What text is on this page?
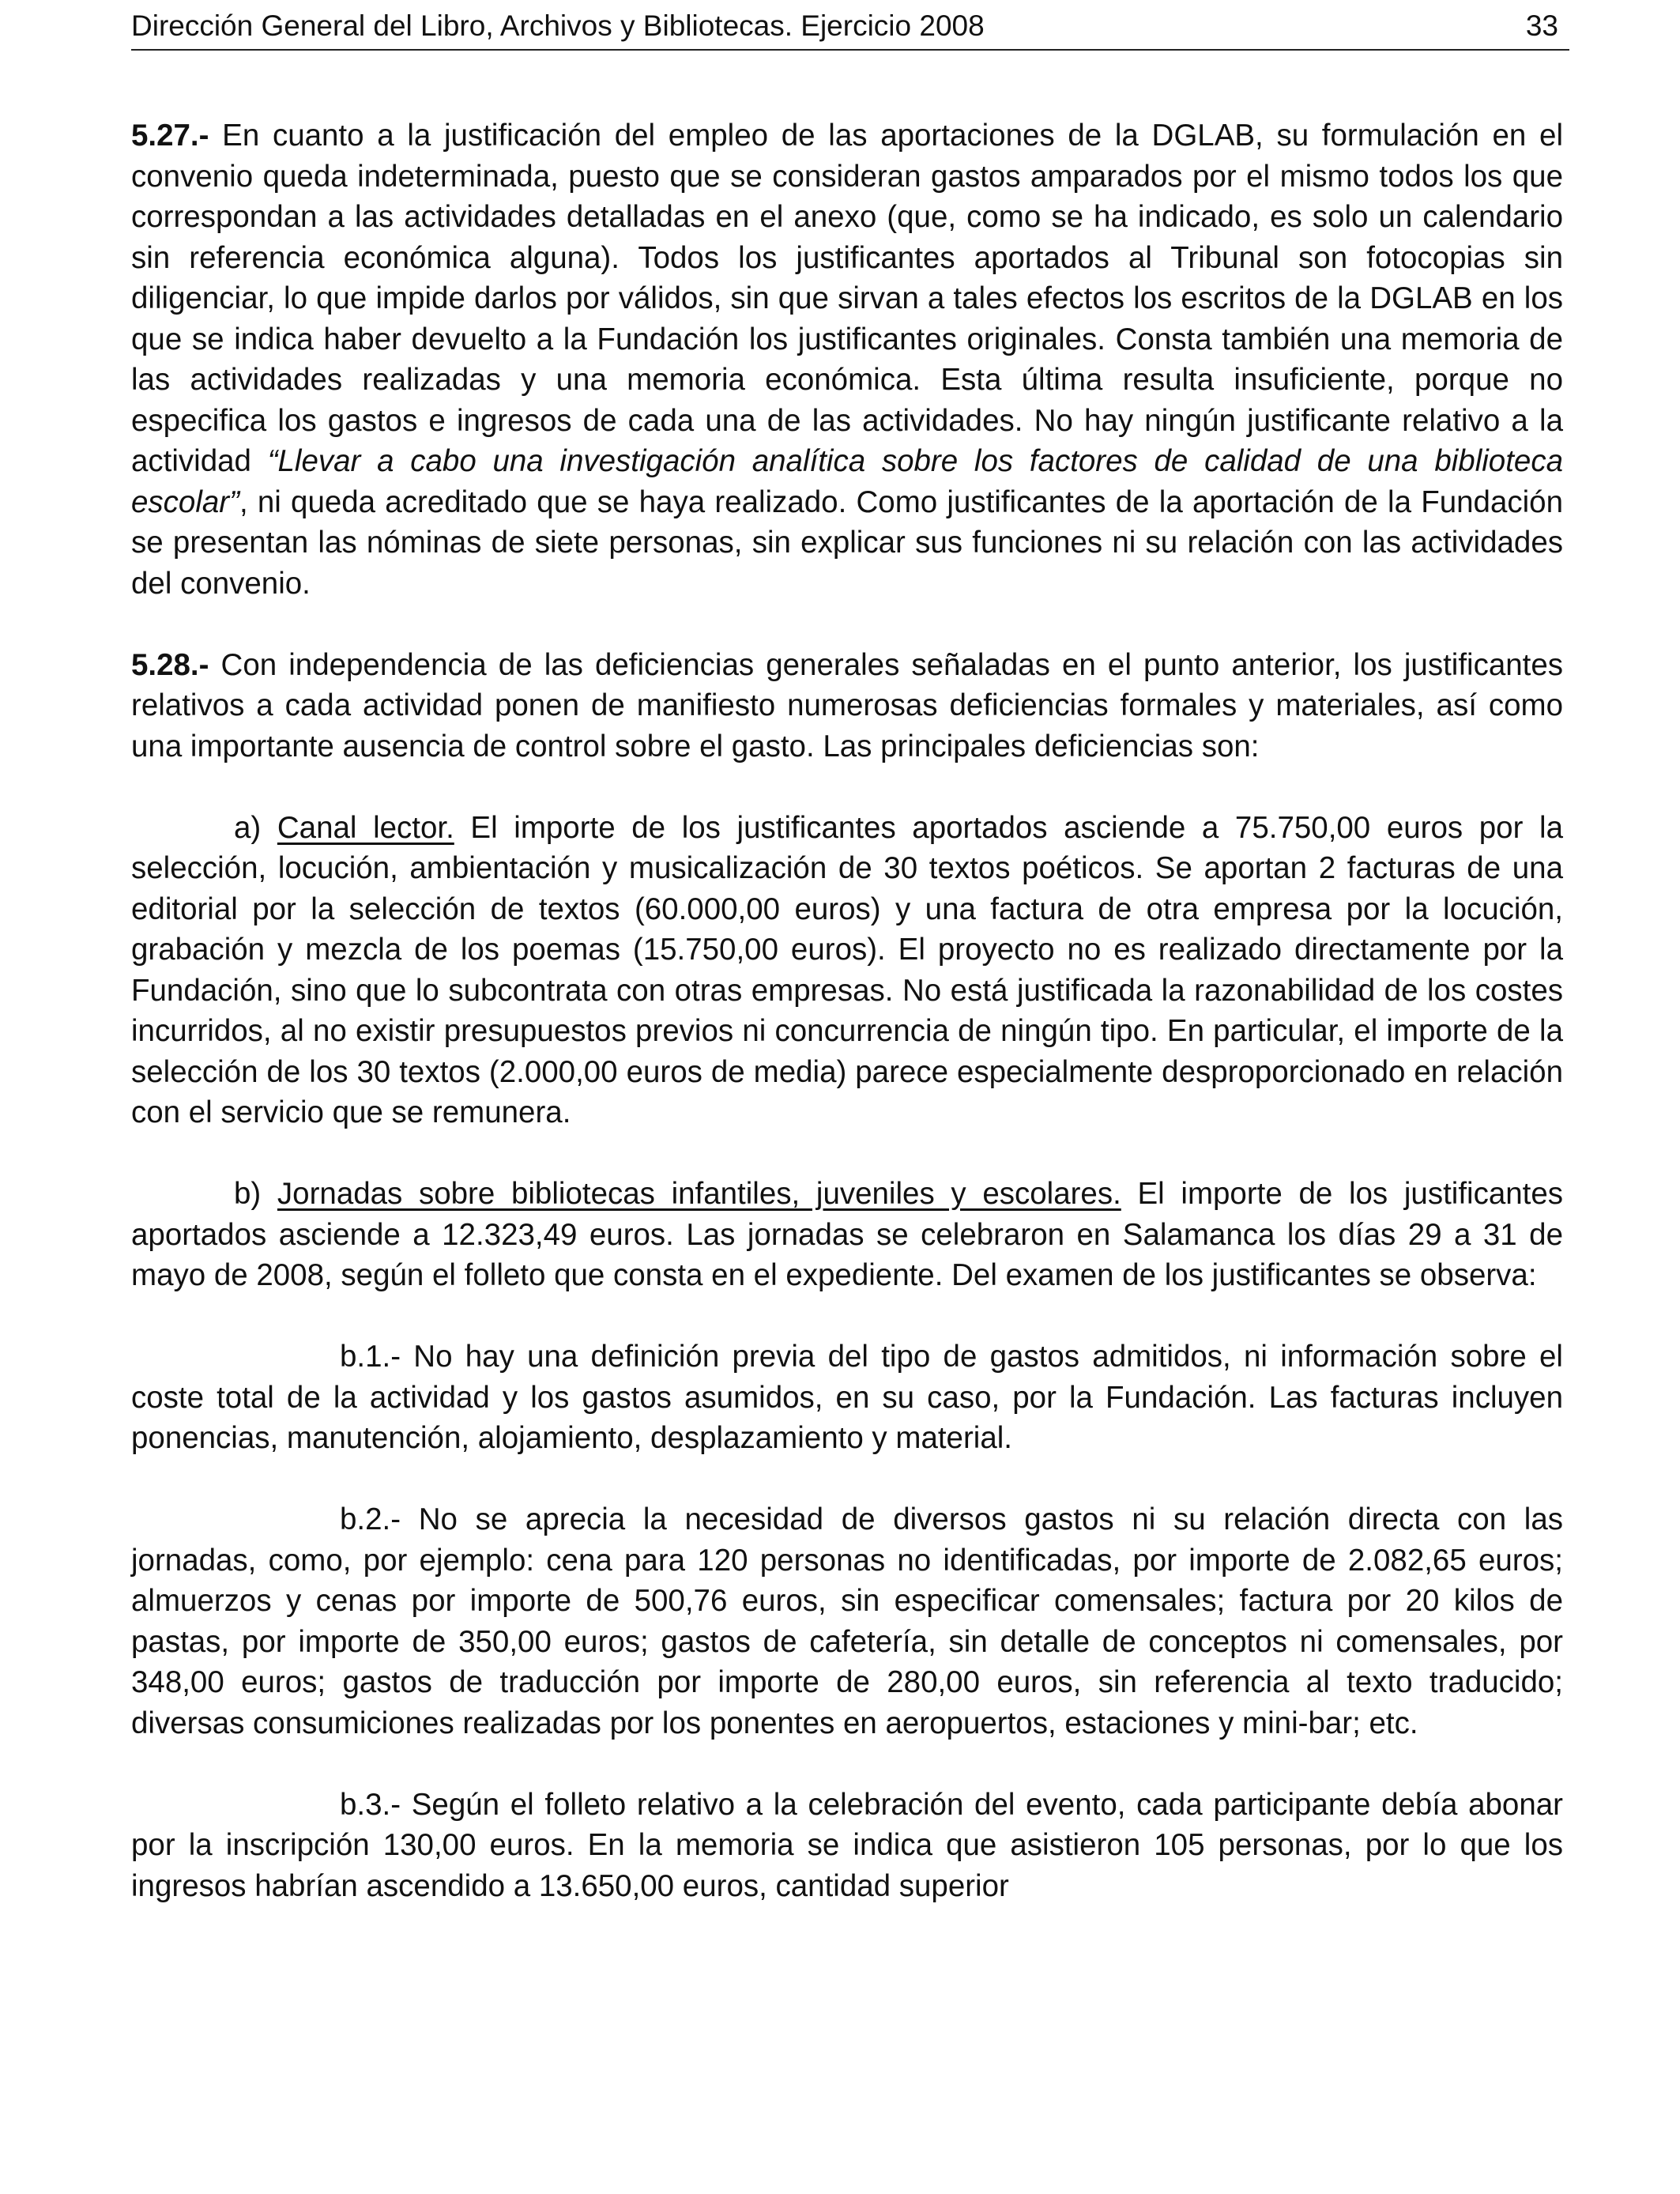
Dirección General del Libro, Archivos y Bibliotecas. Ejercicio 2008	33

5.27.- En cuanto a la justificación del empleo de las aportaciones de la DGLAB, su formulación en el convenio queda indeterminada, puesto que se consideran gastos amparados por el mismo todos los que correspondan a las actividades detalladas en el anexo (que, como se ha indicado, es solo un calendario sin referencia económica alguna). Todos los justificantes aportados al Tribunal son fotocopias sin diligenciar, lo que impide darlos por válidos, sin que sirvan a tales efectos los escritos de la DGLAB en los que se indica haber devuelto a la Fundación los justificantes originales. Consta también una memoria de las actividades realizadas y una memoria económica. Esta última resulta insuficiente, porque no especifica los gastos e ingresos de cada una de las actividades. No hay ningún justificante relativo a la actividad “Llevar a cabo una investigación analítica sobre los factores de calidad de una biblioteca escolar”, ni queda acreditado que se haya realizado. Como justificantes de la aportación de la Fundación se presentan las nóminas de siete personas, sin explicar sus funciones ni su relación con las actividades del convenio.

5.28.- Con independencia de las deficiencias generales señaladas en el punto anterior, los justificantes relativos a cada actividad ponen de manifiesto numerosas deficiencias formales y materiales, así como una importante ausencia de control sobre el gasto. Las principales deficiencias son:

a) Canal lector. El importe de los justificantes aportados asciende a 75.750,00 euros por la selección, locución, ambientación y musicalización de 30 textos poéticos. Se aportan 2 facturas de una editorial por la selección de textos (60.000,00 euros) y una factura de otra empresa por la locución, grabación y mezcla de los poemas (15.750,00 euros). El proyecto no es realizado directamente por la Fundación, sino que lo subcontrata con otras empresas. No está justificada la razonabilidad de los costes incurridos, al no existir presupuestos previos ni concurrencia de ningún tipo. En particular, el importe de la selección de los 30 textos (2.000,00 euros de media) parece especialmente desproporcionado en relación con el servicio que se remunera.

b) Jornadas sobre bibliotecas infantiles, juveniles y escolares. El importe de los justificantes aportados asciende a 12.323,49 euros. Las jornadas se celebraron en Salamanca los días 29 a 31 de mayo de 2008, según el folleto que consta en el expediente. Del examen de los justificantes se observa:

b.1.- No hay una definición previa del tipo de gastos admitidos, ni información sobre el coste total de la actividad y los gastos asumidos, en su caso, por la Fundación. Las facturas incluyen ponencias, manutención, alojamiento, desplazamiento y material.

b.2.- No se aprecia la necesidad de diversos gastos ni su relación directa con las jornadas, como, por ejemplo: cena para 120 personas no identificadas, por importe de 2.082,65 euros; almuerzos y cenas por importe de 500,76 euros, sin especificar comensales; factura por 20 kilos de pastas, por importe de 350,00 euros; gastos de cafetería, sin detalle de conceptos ni comensales, por 348,00 euros; gastos de traducción por importe de 280,00 euros, sin referencia al texto traducido; diversas consumiciones realizadas por los ponentes en aeropuertos, estaciones y mini-bar; etc.

b.3.- Según el folleto relativo a la celebración del evento, cada participante debía abonar por la inscripción 130,00 euros. En la memoria se indica que asistieron 105 personas, por lo que los ingresos habrían ascendido a 13.650,00 euros, cantidad superior
